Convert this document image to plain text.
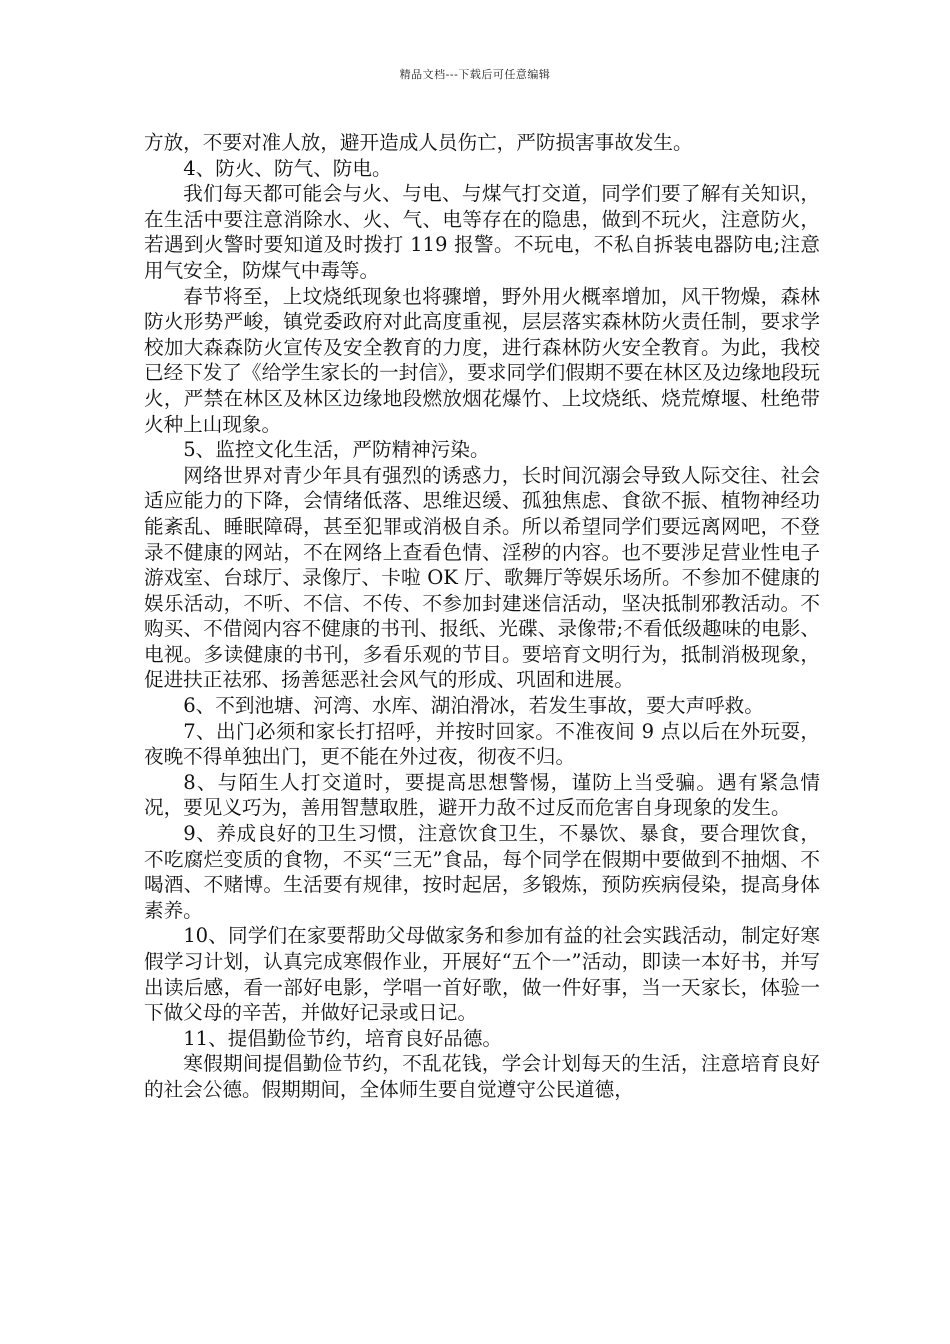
精品文档---下载后可任意编辑

方放，不要对准人放，避开造成人员伤亡，严防损害事故发生。

4、防火、防气、防电。

我们每天都可能会与火、与电、与煤气打交道，同学们要了解有关知识，在生活中要注意消除水、火、气、电等存在的隐患，做到不玩火，注意防火，若遇到火警时要知道及时拨打 119 报警。不玩电，不私自拆装电器防电;注意用气安全，防煤气中毒等。

春节将至，上坟烧纸现象也将骤增，野外用火概率增加，风干物燥，森林防火形势严峻，镇党委政府对此高度重视，层层落实森林防火责任制，要求学校加大森森防火宣传及安全教育的力度，进行森林防火安全教育。为此，我校已经下发了《给学生家长的一封信》，要求同学们假期不要在林区及边缘地段玩火，严禁在林区及林区边缘地段燃放烟花爆竹、上坟烧纸、烧荒燎堰、杜绝带火种上山现象。

5、监控文化生活，严防精神污染。

网络世界对青少年具有强烈的诱惑力，长时间沉溺会导致人际交往、社会适应能力的下降，会情绪低落、思维迟缓、孤独焦虑、食欲不振、植物神经功能紊乱、睡眠障碍，甚至犯罪或消极自杀。所以希望同学们要远离网吧，不登录不健康的网站，不在网络上查看色情、淫秽的内容。也不要涉足营业性电子游戏室、台球厅、录像厅、卡啦 OK 厅、歌舞厅等娱乐场所。不参加不健康的娱乐活动，不听、不信、不传、不参加封建迷信活动，坚决抵制邪教活动。不购买、不借阅内容不健康的书刊、报纸、光碟、录像带;不看低级趣味的电影、电视。多读健康的书刊，多看乐观的节目。要培育文明行为，抵制消极现象，促进扶正祛邪、扬善惩恶社会风气的形成、巩固和进展。

6、不到池塘、河湾、水库、湖泊滑冰，若发生事故，要大声呼救。

7、出门必须和家长打招呼，并按时回家。不准夜间 9 点以后在外玩耍，夜晚不得单独出门，更不能在外过夜，彻夜不归。

8、与陌生人打交道时，要提高思想警惕，谨防上当受骗。遇有紧急情况，要见义巧为，善用智慧取胜，避开力敌不过反而危害自身现象的发生。

9、养成良好的卫生习惯，注意饮食卫生，不暴饮、暴食，要合理饮食，不吃腐烂变质的食物，不买“三无”食品，每个同学在假期中要做到不抽烟、不喝酒、不赌博。生活要有规律，按时起居，多锻炼，预防疾病侵染，提高身体素养。

10、同学们在家要帮助父母做家务和参加有益的社会实践活动，制定好寒假学习计划，认真完成寒假作业，开展好“五个一”活动，即读一本好书，并写出读后感，看一部好电影，学唱一首好歌，做一件好事，当一天家长，体验一下做父母的辛苦，并做好记录或日记。

11、提倡勤俭节约，培育良好品德。

寒假期间提倡勤俭节约，不乱花钱，学会计划每天的生活，注意培育良好的社会公德。假期期间，全体师生要自觉遵守公民道德，
